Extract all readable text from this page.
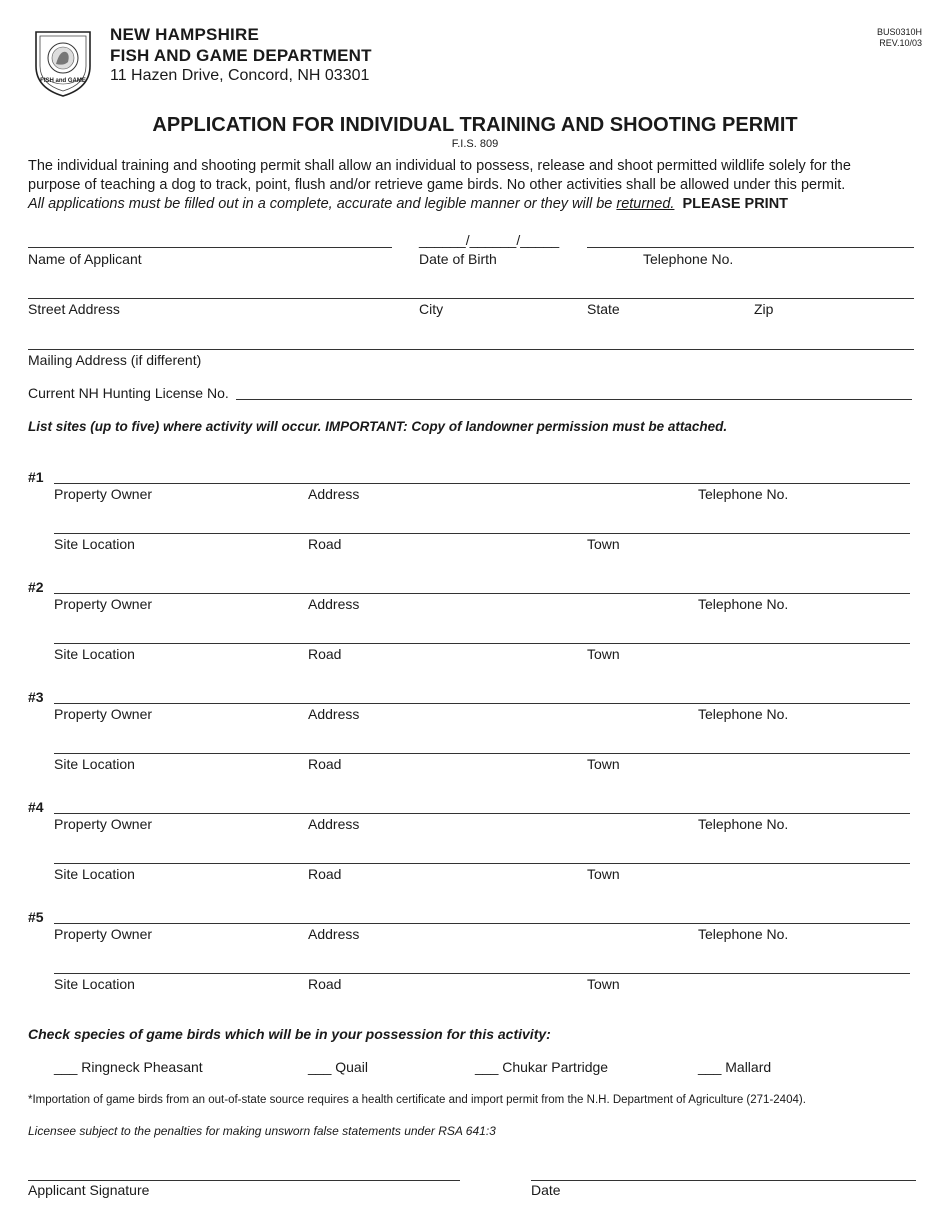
FISH and GAME
NEW HAMPSHIRE
FISH AND GAME DEPARTMENT
11 Hazen Drive, Concord, NH 03301
BUS0310H
REV.10/03
APPLICATION FOR INDIVIDUAL TRAINING AND SHOOTING PERMIT
F.I.S. 809
The individual training and shooting permit shall allow an individual to possess, release and shoot permitted wildlife solely for the
purpose of teaching a dog to track, point, flush and/or retrieve game birds. No other activities shall be allowed under this permit.
All applications must be filled out in a complete, accurate and legible manner or they will be returned. PLEASE PRINT
______/______/_____
Name of Applicant	Date of Birth	Telephone No.
Street Address	City	State	Zip
Mailing Address (if different)
Current NH Hunting License No.
List sites (up to five) where activity will occur. IMPORTANT: Copy of landowner permission must be attached.
#1
Property Owner	Address	Telephone No.
Site Location	Road	Town
#2
Property Owner	Address	Telephone No.
Site Location	Road	Town
#3
Property Owner	Address	Telephone No.
Site Location	Road	Town
#4
Property Owner	Address	Telephone No.
Site Location	Road	Town
#5
Property Owner	Address	Telephone No.
Site Location	Road	Town
Check species of game birds which will be in your possession for this activity:
___ Ringneck Pheasant	___ Quail	___ Chukar Partridge	___ Mallard
*Importation of game birds from an out-of-state source requires a health certificate and import permit from the N.H. Department of Agriculture (271-2404).
Licensee subject to the penalties for making unsworn false statements under RSA 641:3
Applicant Signature	Date
